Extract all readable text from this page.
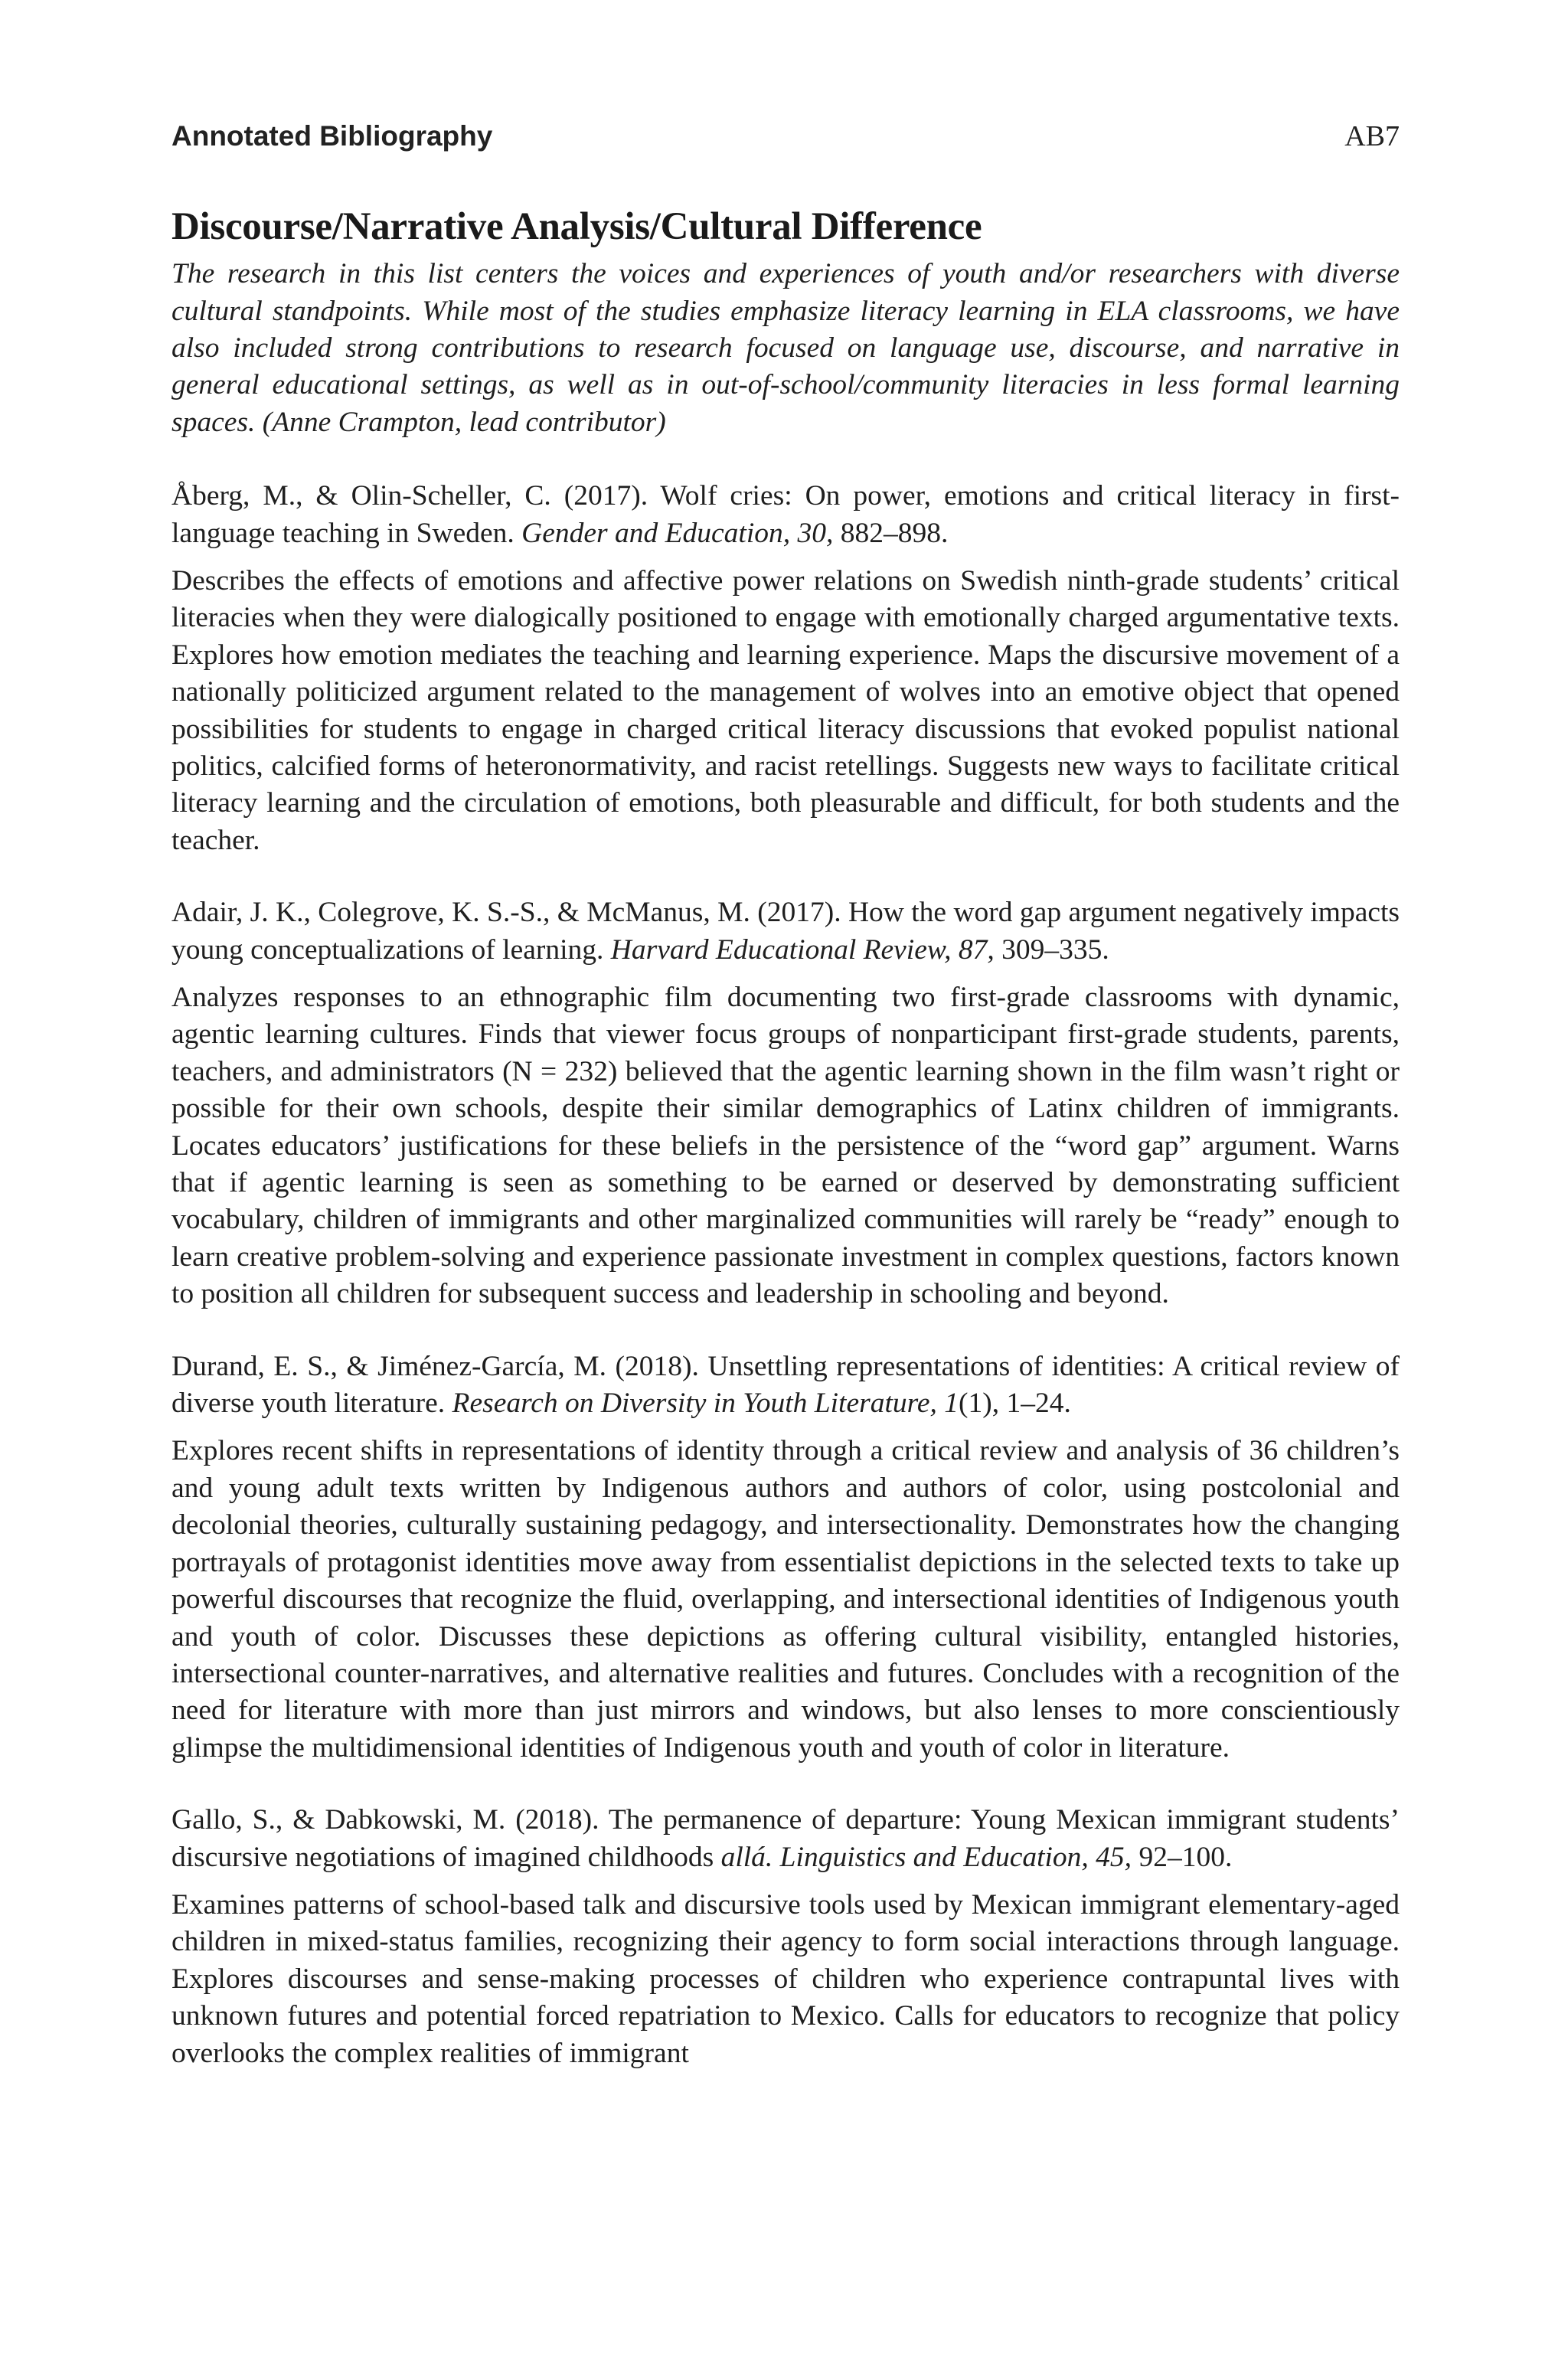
Annotated Bibliography	AB7
Discourse/Narrative Analysis/Cultural Difference

The research in this list centers the voices and experiences of youth and/or researchers with diverse cultural standpoints. While most of the studies emphasize literacy learning in ELA classrooms, we have also included strong contributions to research focused on language use, discourse, and narrative in general educational settings, as well as in out-of-school/community literacies in less formal learning spaces. (Anne Crampton, lead contributor)

Åberg, M., & Olin-Scheller, C. (2017). Wolf cries: On power, emotions and critical literacy in first-language teaching in Sweden. Gender and Education, 30, 882–898.

Describes the effects of emotions and affective power relations on Swedish ninth-grade students’ critical literacies when they were dialogically positioned to engage with emotionally charged argumentative texts. Explores how emotion mediates the teaching and learning experience. Maps the discursive movement of a nationally politicized argument related to the management of wolves into an emotive object that opened possibilities for students to engage in charged critical literacy discussions that evoked populist national politics, calcified forms of heteronormativity, and racist retellings. Suggests new ways to facilitate critical literacy learning and the circulation of emotions, both pleasurable and difficult, for both students and the teacher.

Adair, J. K., Colegrove, K. S.-S., & McManus, M. (2017). How the word gap argument negatively impacts young conceptualizations of learning. Harvard Educational Review, 87, 309–335.

Analyzes responses to an ethnographic film documenting two first-grade classrooms with dynamic, agentic learning cultures. Finds that viewer focus groups of nonparticipant first-grade students, parents, teachers, and administrators (N = 232) believed that the agentic learning shown in the film wasn’t right or possible for their own schools, despite their similar demographics of Latinx children of immigrants. Locates educators’ justifications for these beliefs in the persistence of the “word gap” argument. Warns that if agentic learning is seen as something to be earned or deserved by demonstrating sufficient vocabulary, children of immigrants and other marginalized communities will rarely be “ready” enough to learn creative problem-solving and experience passionate investment in complex questions, factors known to position all children for subsequent success and leadership in schooling and beyond.

Durand, E. S., & Jiménez-García, M. (2018). Unsettling representations of identities: A critical review of diverse youth literature. Research on Diversity in Youth Literature, 1(1), 1–24.

Explores recent shifts in representations of identity through a critical review and analysis of 36 children’s and young adult texts written by Indigenous authors and authors of color, using postcolonial and decolonial theories, culturally sustaining pedagogy, and intersectionality. Demonstrates how the changing portrayals of protagonist identities move away from essentialist depictions in the selected texts to take up powerful discourses that recognize the fluid, overlapping, and intersectional identities of Indigenous youth and youth of color. Discusses these depictions as offering cultural visibility, entangled histories, intersectional counter-narratives, and alternative realities and futures. Concludes with a recognition of the need for literature with more than just mirrors and windows, but also lenses to more conscientiously glimpse the multidimensional identities of Indigenous youth and youth of color in literature.

Gallo, S., & Dabkowski, M. (2018). The permanence of departure: Young Mexican immigrant students’ discursive negotiations of imagined childhoods allá. Linguistics and Education, 45, 92–100.

Examines patterns of school-based talk and discursive tools used by Mexican immigrant elementary-aged children in mixed-status families, recognizing their agency to form social interactions through language. Explores discourses and sense-making processes of children who experience contrapuntal lives with unknown futures and potential forced repatriation to Mexico. Calls for educators to recognize that policy overlooks the complex realities of immigrant
